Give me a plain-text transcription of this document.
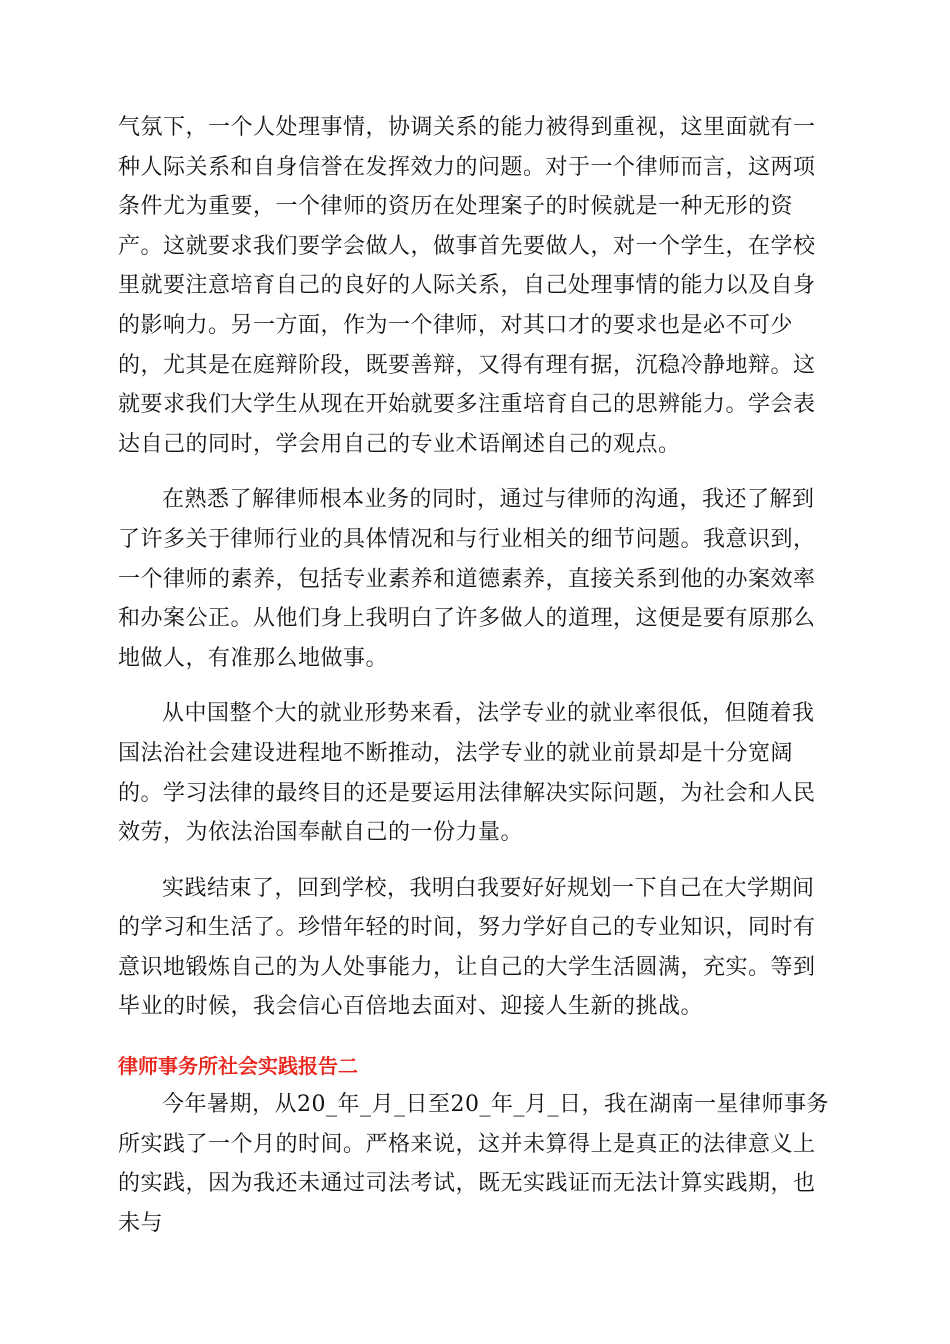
气氛下，一个人处理事情，协调关系的能力被得到重视，这里面就有一种人际关系和自身信誉在发挥效力的问题。对于一个律师而言，这两项条件尤为重要，一个律师的资历在处理案子的时候就是一种无形的资产。这就要求我们要学会做人，做事首先要做人，对一个学生，在学校里就要注意培育自己的良好的人际关系，自己处理事情的能力以及自身的影响力。另一方面，作为一个律师，对其口才的要求也是必不可少的，尤其是在庭辩阶段，既要善辩，又得有理有据，沉稳冷静地辩。这就要求我们大学生从现在开始就要多注重培育自己的思辨能力。学会表达自己的同时，学会用自己的专业术语阐述自己的观点。

在熟悉了解律师根本业务的同时，通过与律师的沟通，我还了解到了许多关于律师行业的具体情况和与行业相关的细节问题。我意识到，一个律师的素养，包括专业素养和道德素养，直接关系到他的办案效率和办案公正。从他们身上我明白了许多做人的道理，这便是要有原那么地做人，有准那么地做事。

从中国整个大的就业形势来看，法学专业的就业率很低，但随着我国法治社会建设进程地不断推动，法学专业的就业前景却是十分宽阔的。学习法律的最终目的还是要运用法律解决实际问题，为社会和人民效劳，为依法治国奉献自己的一份力量。

实践结束了，回到学校，我明白我要好好规划一下自己在大学期间的学习和生活了。珍惜年轻的时间，努力学好自己的专业知识，同时有意识地锻炼自己的为人处事能力，让自己的大学生活圆满，充实。等到毕业的时候，我会信心百倍地去面对、迎接人生新的挑战。

律师事务所社会实践报告二

今年暑期，从20_年_月_日至20_年_月_日，我在湖南一星律师事务所实践了一个月的时间。严格来说，这并未算得上是真正的法律意义上的实践，因为我还未通过司法考试，既无实践证而无法计算实践期，也未与
